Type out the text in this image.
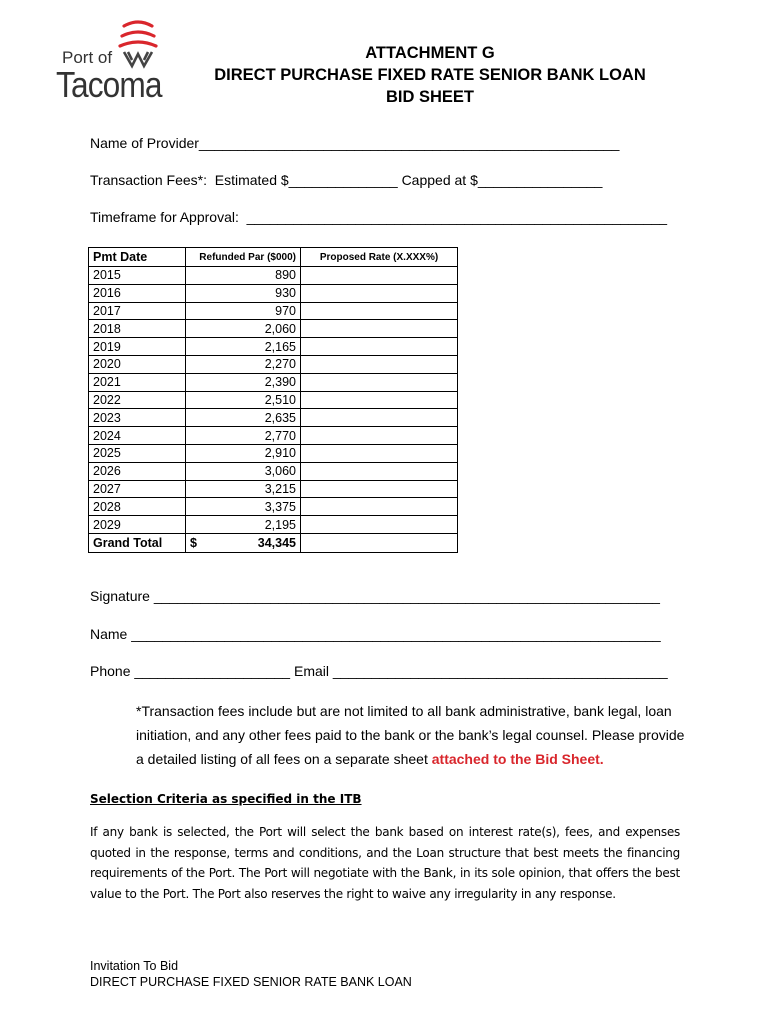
Port of
Tacoma
ATTACHMENT G
DIRECT PURCHASE FIXED RATE SENIOR BANK LOAN
BID SHEET
Name of Provider______________________________________________________
Transaction Fees*:  Estimated $______________ Capped at $________________
Timeframe for Approval:  ______________________________________________________
Pmt Date	Refunded Par ($000)	Proposed Rate (X.XXX%)
2015	890	
2016	930	
2017	970	
2018	2,060	
2019	2,165	
2020	2,270	
2021	2,390	
2022	2,510	
2023	2,635	
2024	2,770	
2025	2,910	
2026	3,060	
2027	3,215	
2028	3,375	
2029	2,195	
Grand Total	$ 34,345	

Signature _________________________________________________________________
Name ____________________________________________________________________
Phone ____________________ Email ___________________________________________
*Transaction fees include but are not limited to all bank administrative, bank legal, loan initiation, and any other fees paid to the bank or the bank’s legal counsel. Please provide a detailed listing of all fees on a separate sheet attached to the Bid Sheet.
Selection Criteria as specified in the ITB
If any bank is selected, the Port will select the bank based on interest rate(s), fees, and expenses quoted in the response, terms and conditions, and the Loan structure that best meets the financing requirements of the Port. The Port will negotiate with the Bank, in its sole opinion, that offers the best value to the Port. The Port also reserves the right to waive any irregularity in any response.
Invitation To Bid
DIRECT PURCHASE FIXED SENIOR RATE BANK LOAN
